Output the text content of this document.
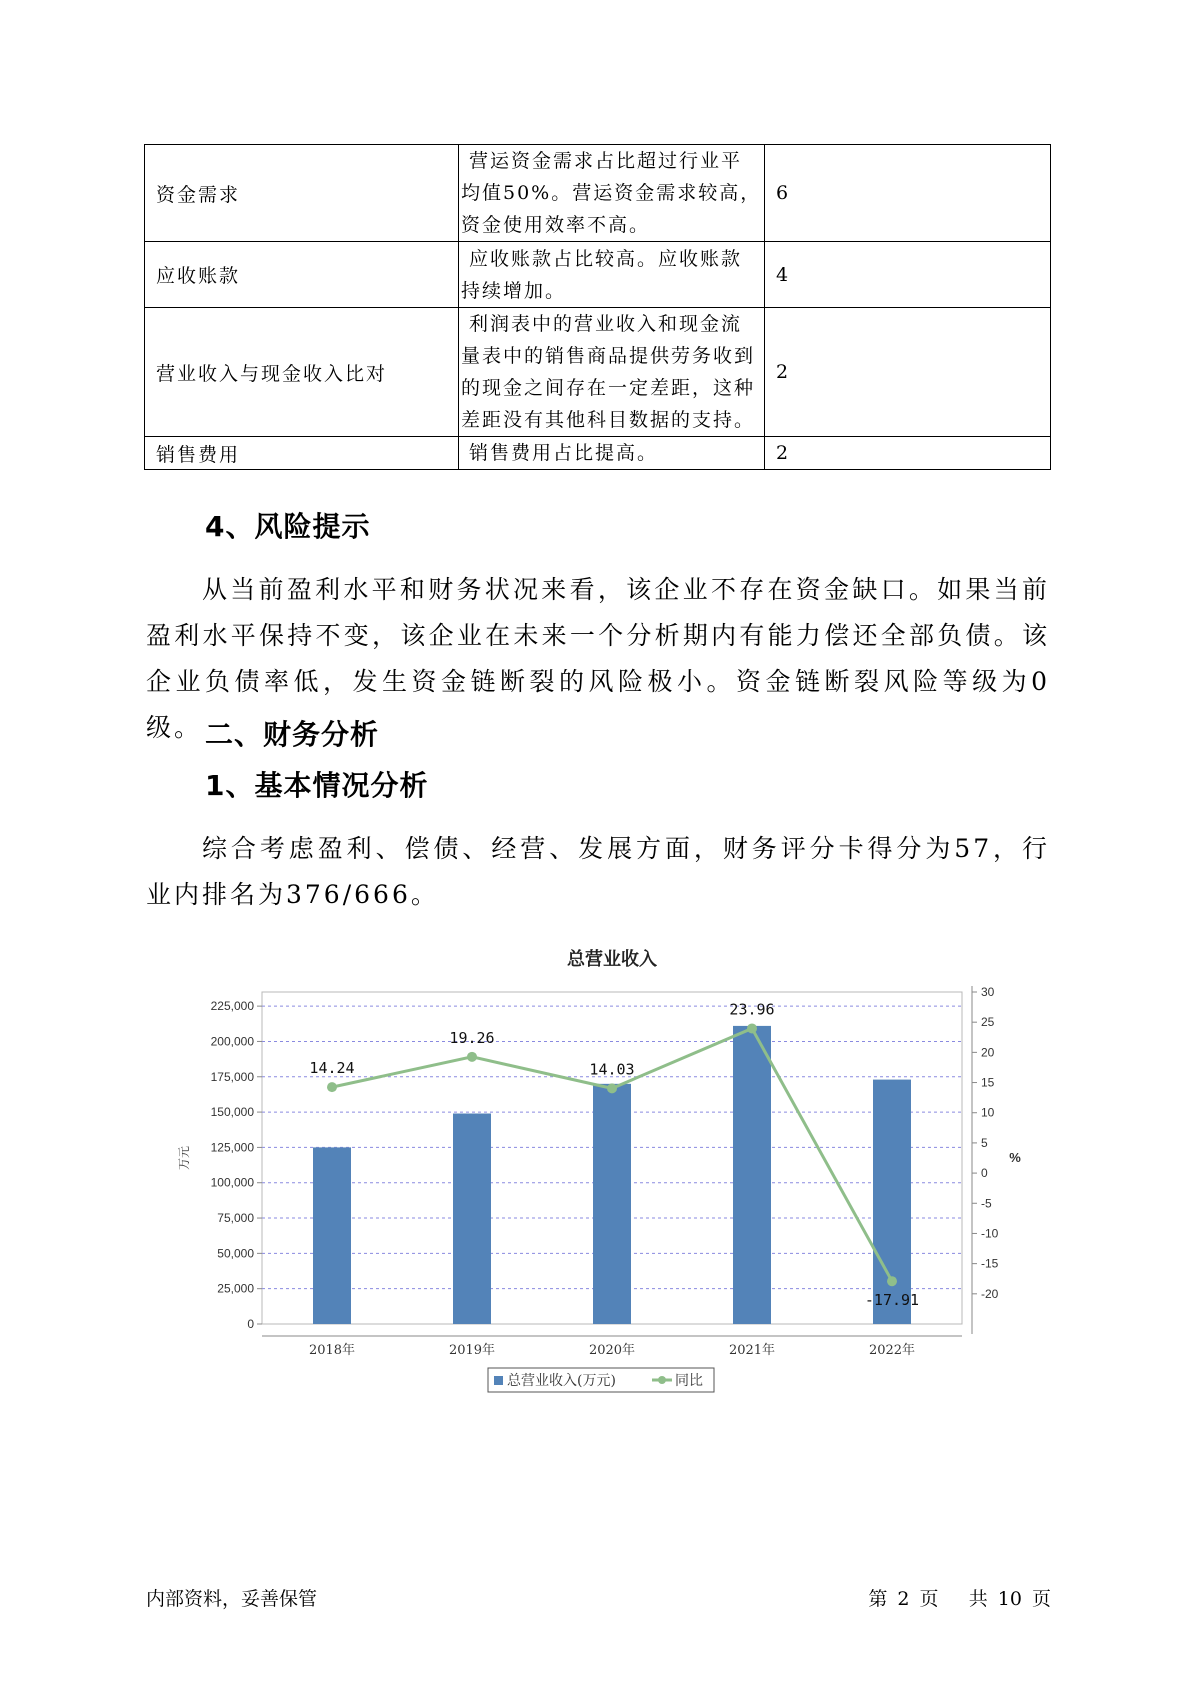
资金需求	营运资金需求占比超过行业平均值50%。营运资金需求较高，资金使用效率不高。	6
应收账款	应收账款占比较高。应收账款持续增加。	4
营业收入与现金收入比对	利润表中的营业收入和现金流量表中的销售商品提供劳务收到的现金之间存在一定差距，这种差距没有其他科目数据的支持。	2
销售费用	销售费用占比提高。	2
4、风险提示

从当前盈利水平和财务状况来看，该企业不存在资金缺口。如果当前盈利水平保持不变，该企业在未来一个分析期内有能力偿还全部负债。该企业负债率低，发生资金链断裂的风险极小。资金链断裂风险等级为0级。 二、财务分析
1、基本情况分析

综合考虑盈利、偿债、经营、发展方面，财务评分卡得分为57，行业内排名为376/666。

总营业收入
0
25,000
50,000
75,000
100,000
125,000
150,000
175,000
200,000
225,000
-20
-15
-10
-5
0
5
10
15
20
25
30
万元	%
2018年	2019年	2020年	2021年	2022年
14.24
19.26
14.03
23.96
-17.91
总营业收入(万元)	同比
内部资料，妥善保管	第 2 页 共 10 页
